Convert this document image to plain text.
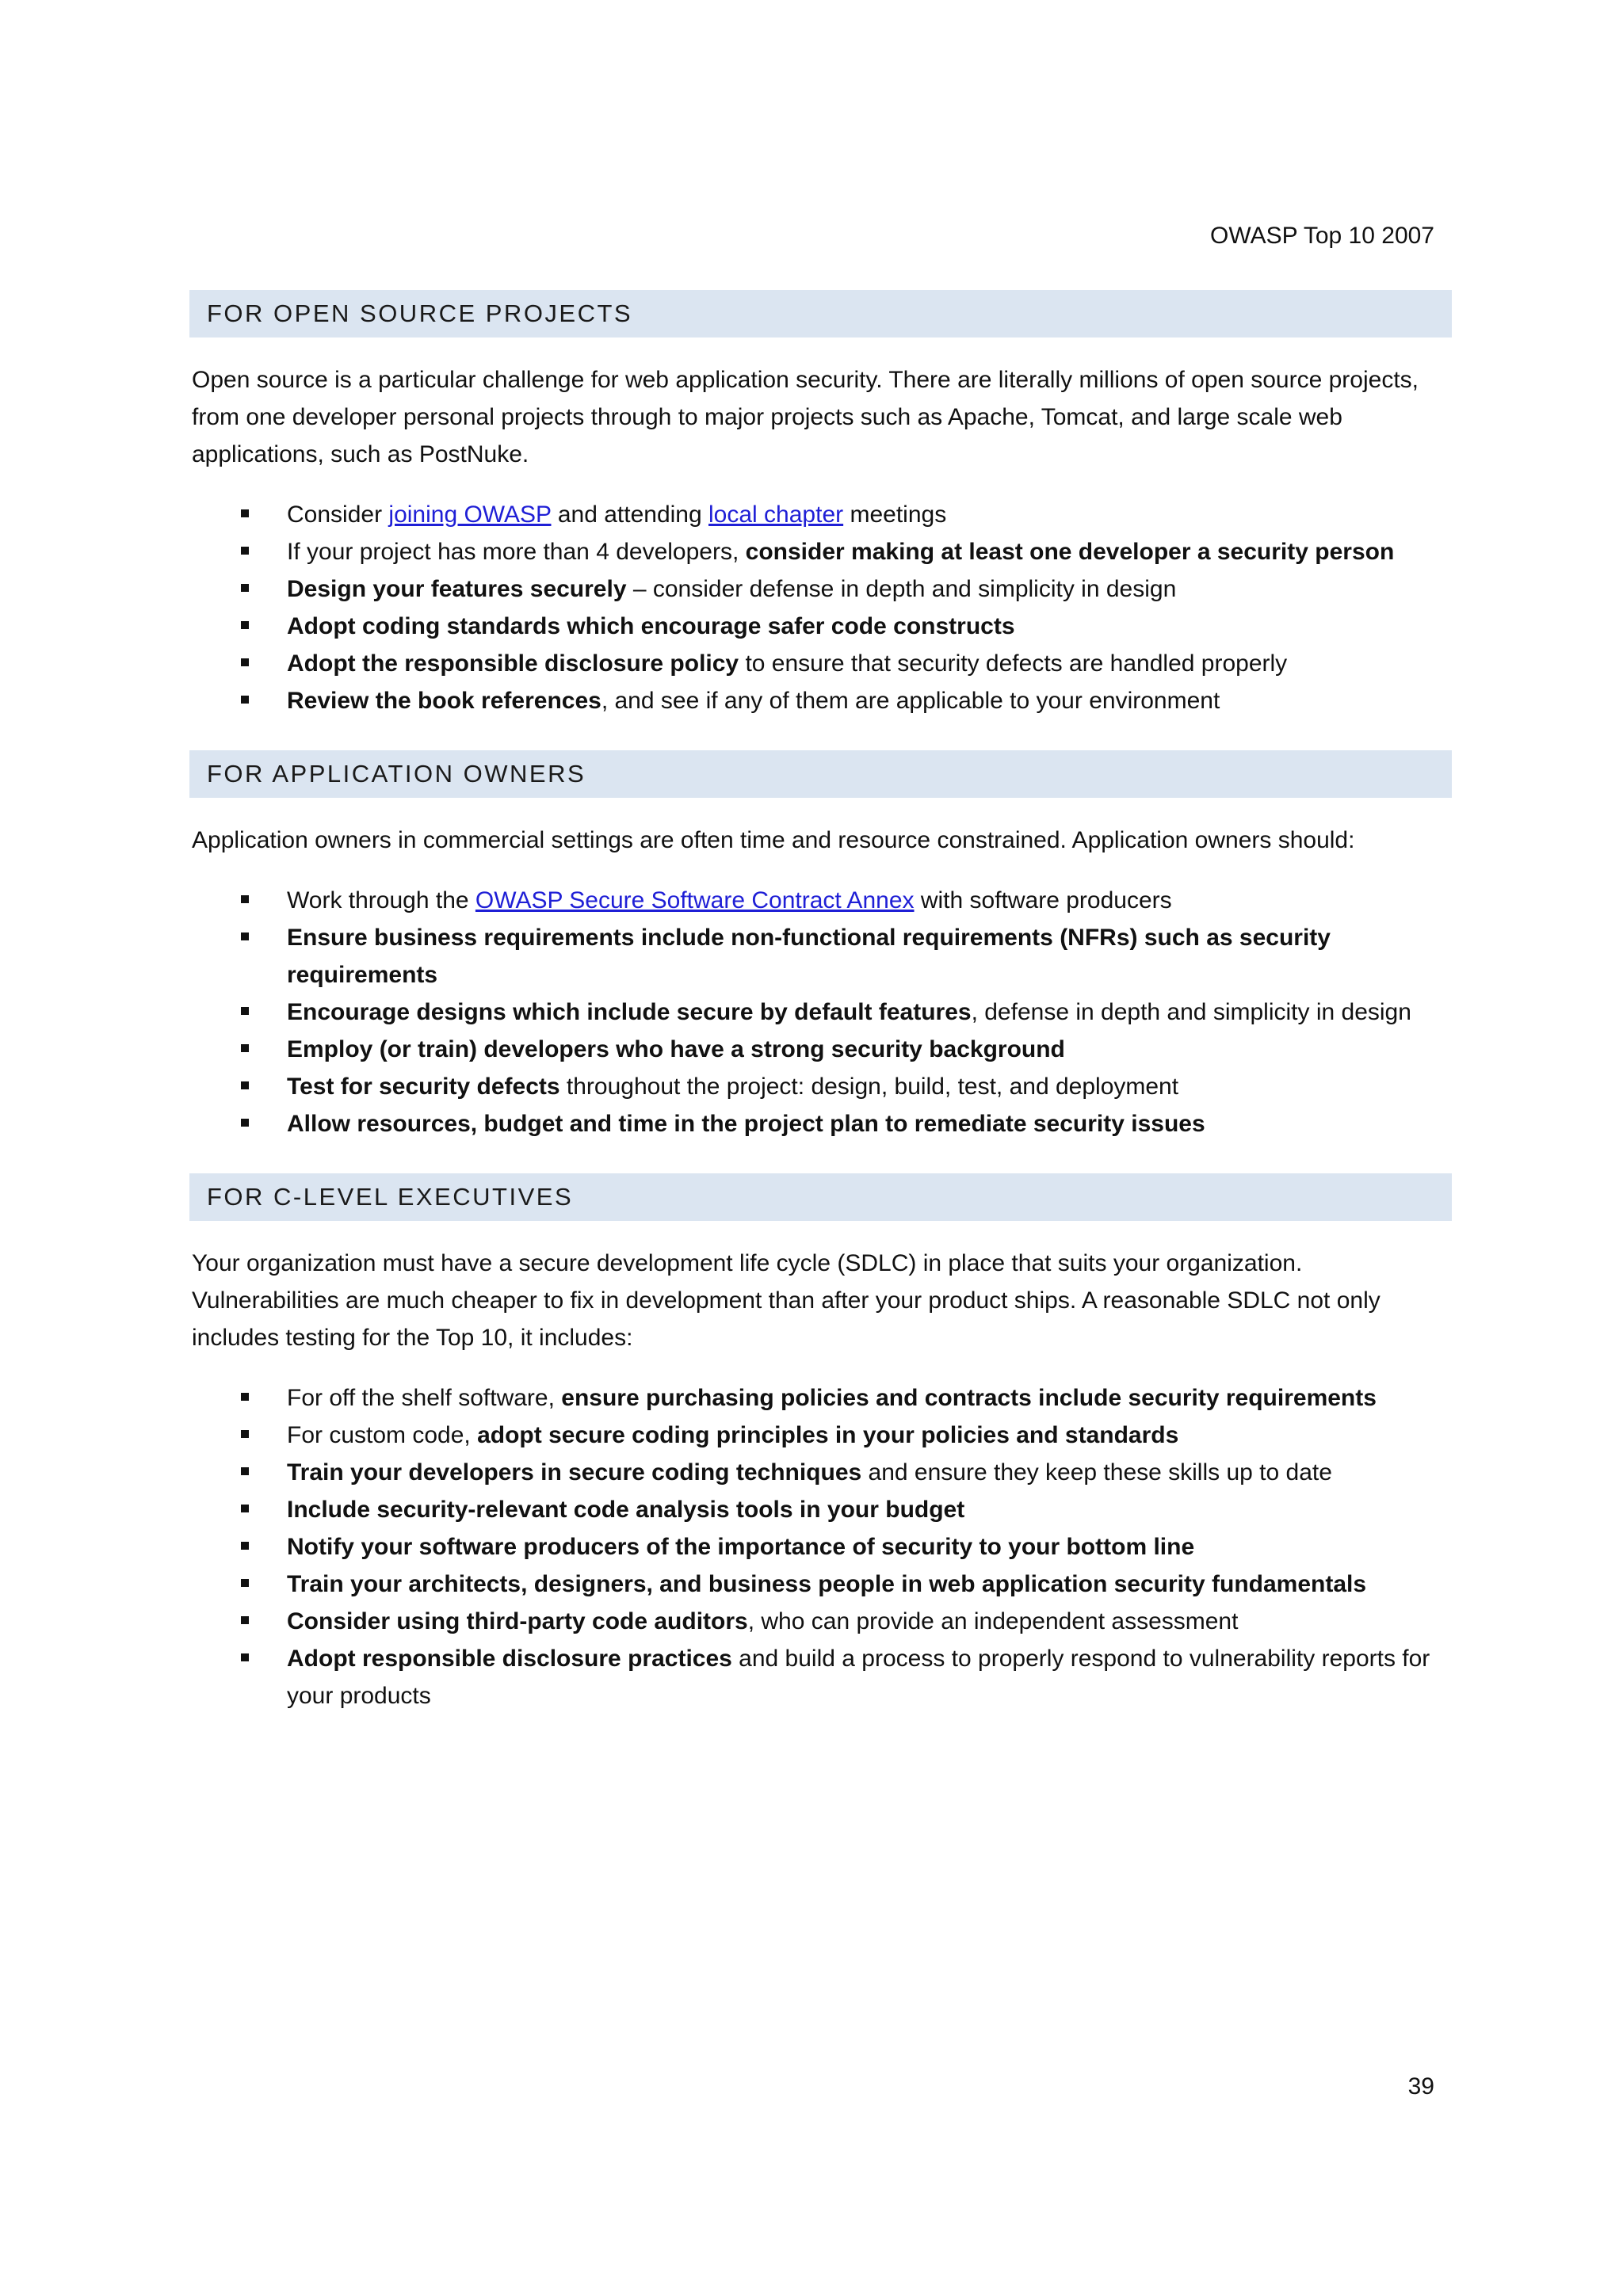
OWASP Top 10 2007
FOR OPEN SOURCE PROJECTS

Open source is a particular challenge for web application security. There are literally millions of open source projects, from one developer personal projects through to major projects such as Apache, Tomcat, and large scale web applications, such as PostNuke.

Consider joining OWASP and attending local chapter meetings
If your project has more than 4 developers, consider making at least one developer a security person
Design your features securely – consider defense in depth and simplicity in design
Adopt coding standards which encourage safer code constructs
Adopt the responsible disclosure policy to ensure that security defects are handled properly
Review the book references, and see if any of them are applicable to your environment
FOR APPLICATION OWNERS

Application owners in commercial settings are often time and resource constrained. Application owners should:

Work through the OWASP Secure Software Contract Annex with software producers
Ensure business requirements include non-functional requirements (NFRs) such as security requirements
Encourage designs which include secure by default features, defense in depth and simplicity in design
Employ (or train) developers who have a strong security background
Test for security defects throughout the project: design, build, test, and deployment
Allow resources, budget and time in the project plan to remediate security issues
FOR C-LEVEL EXECUTIVES

Your organization must have a secure development life cycle (SDLC) in place that suits your organization. Vulnerabilities are much cheaper to fix in development than after your product ships. A reasonable SDLC not only includes testing for the Top 10, it includes:

For off the shelf software, ensure purchasing policies and contracts include security requirements
For custom code, adopt secure coding principles in your policies and standards
Train your developers in secure coding techniques and ensure they keep these skills up to date
Include security-relevant code analysis tools in your budget
Notify your software producers of the importance of security to your bottom line
Train your architects, designers, and business people in web application security fundamentals
Consider using third-party code auditors, who can provide an independent assessment
Adopt responsible disclosure practices and build a process to properly respond to vulnerability reports for your products
39
